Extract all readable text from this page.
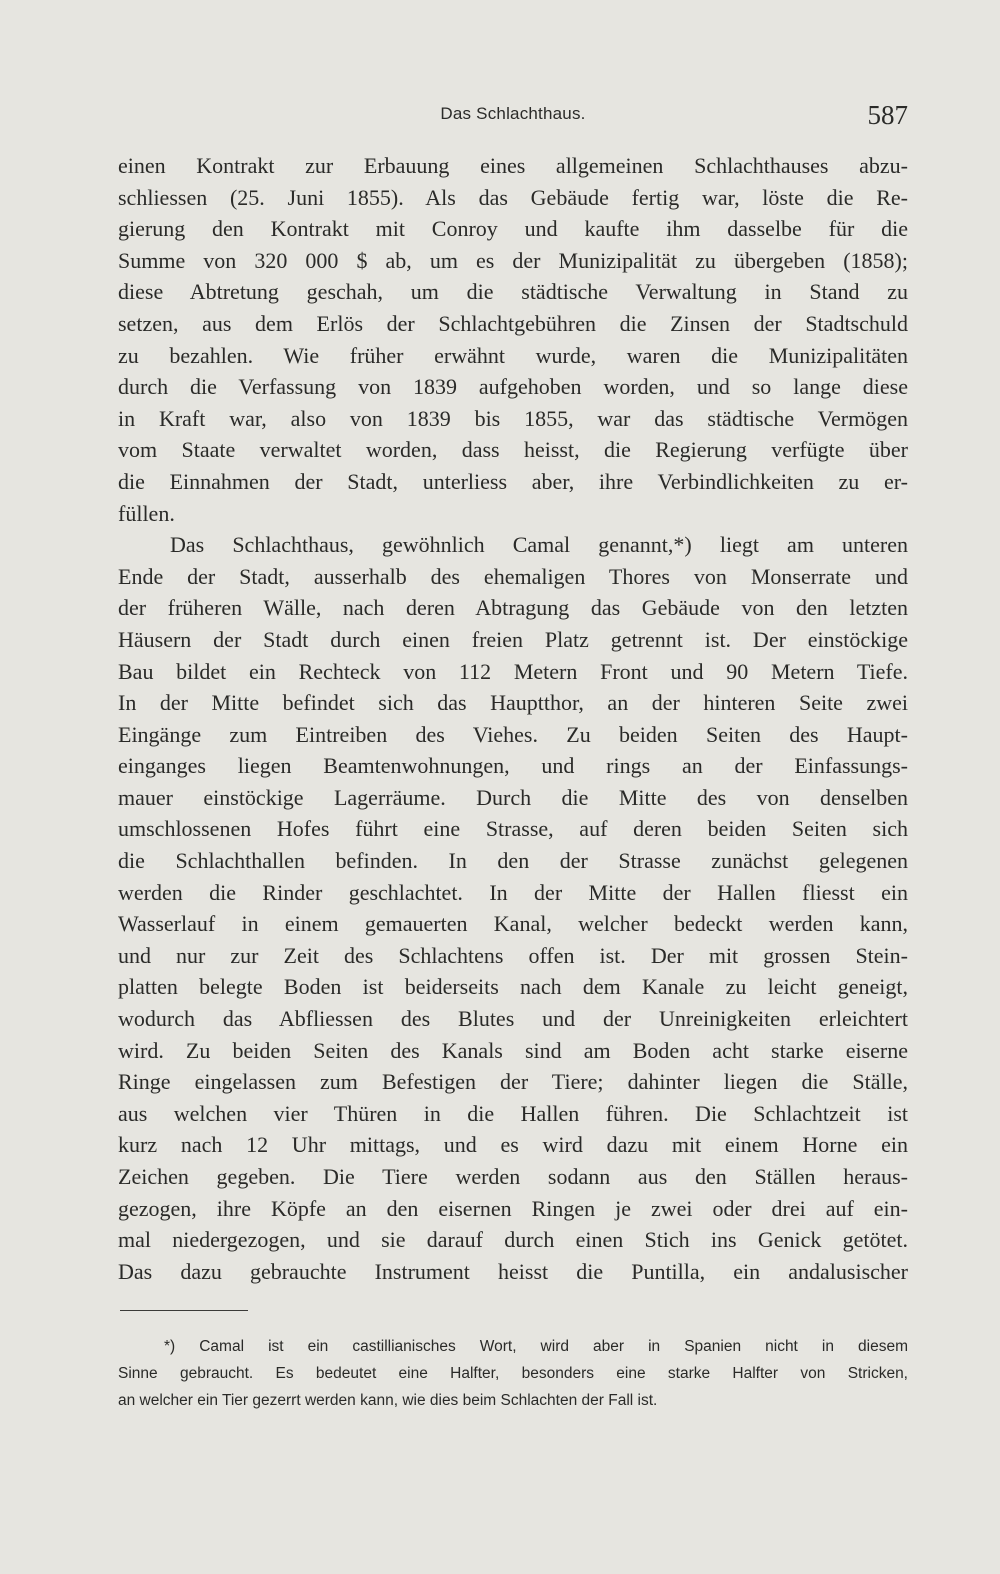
Das Schlachthaus.	587
einen Kontrakt zur Erbauung eines allgemeinen Schlachthauses abzu-
schliessen (25. Juni 1855). Als das Gebäude fertig war, löste die Re-
gierung den Kontrakt mit Conroy und kaufte ihm dasselbe für die
Summe von 320 000 $ ab, um es der Munizipalität zu übergeben (1858);
diese Abtretung geschah, um die städtische Verwaltung in Stand zu
setzen, aus dem Erlös der Schlachtgebühren die Zinsen der Stadtschuld
zu bezahlen. Wie früher erwähnt wurde, waren die Munizipalitäten
durch die Verfassung von 1839 aufgehoben worden, und so lange diese
in Kraft war, also von 1839 bis 1855, war das städtische Vermögen
vom Staate verwaltet worden, dass heisst, die Regierung verfügte über
die Einnahmen der Stadt, unterliess aber, ihre Verbindlichkeiten zu er-
füllen.
Das Schlachthaus, gewöhnlich Camal genannt,*) liegt am unteren
Ende der Stadt, ausserhalb des ehemaligen Thores von Monserrate und
der früheren Wälle, nach deren Abtragung das Gebäude von den letzten
Häusern der Stadt durch einen freien Platz getrennt ist. Der einstöckige
Bau bildet ein Rechteck von 112 Metern Front und 90 Metern Tiefe.
In der Mitte befindet sich das Hauptthor, an der hinteren Seite zwei
Eingänge zum Eintreiben des Viehes. Zu beiden Seiten des Haupt-
einganges liegen Beamtenwohnungen, und rings an der Einfassungs-
mauer einstöckige Lagerräume. Durch die Mitte des von denselben
umschlossenen Hofes führt eine Strasse, auf deren beiden Seiten sich
die Schlachthallen befinden. In den der Strasse zunächst gelegenen
werden die Rinder geschlachtet. In der Mitte der Hallen fliesst ein
Wasserlauf in einem gemauerten Kanal, welcher bedeckt werden kann,
und nur zur Zeit des Schlachtens offen ist. Der mit grossen Stein-
platten belegte Boden ist beiderseits nach dem Kanale zu leicht geneigt,
wodurch das Abfliessen des Blutes und der Unreinigkeiten erleichtert
wird. Zu beiden Seiten des Kanals sind am Boden acht starke eiserne
Ringe eingelassen zum Befestigen der Tiere; dahinter liegen die Ställe,
aus welchen vier Thüren in die Hallen führen. Die Schlachtzeit ist
kurz nach 12 Uhr mittags, und es wird dazu mit einem Horne ein
Zeichen gegeben. Die Tiere werden sodann aus den Ställen heraus-
gezogen, ihre Köpfe an den eisernen Ringen je zwei oder drei auf ein-
mal niedergezogen, und sie darauf durch einen Stich ins Genick getötet.
Das dazu gebrauchte Instrument heisst die Puntilla, ein andalusischer
*) Camal ist ein castillianisches Wort, wird aber in Spanien nicht in diesem
Sinne gebraucht. Es bedeutet eine Halfter, besonders eine starke Halfter von Stricken,
an welcher ein Tier gezerrt werden kann, wie dies beim Schlachten der Fall ist.
